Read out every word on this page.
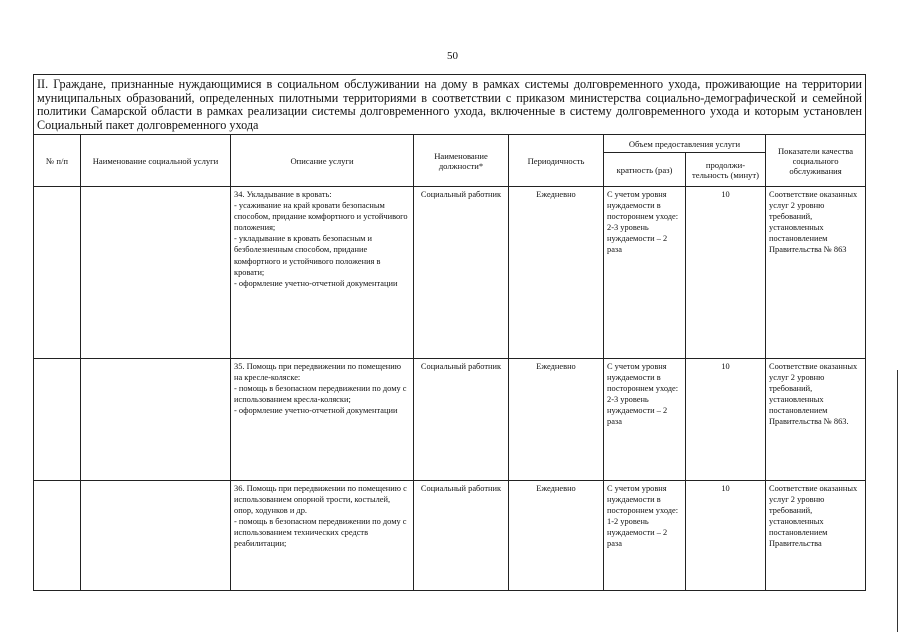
50
II. Граждане, признанные нуждающимися в социальном обслуживании на дому в рамках системы долговременного ухода, проживающие на территории муниципальных образований, определенных пилотными территориями в соответствии с приказом министерства социально-демографической и семейной политики Самарской области в рамках реализации системы долговременного ухода, включенные в систему долговременного ухода и которым установлен Социальный пакет долговременного ухода							
№ п/п	Наименование социальной услуги	Описание услуги	Наименование должности*	Периодичность	Объем предоставления услуги		Показатели качества социального обслуживания
					кратность (раз)	продолжи-тельность (минут)	

		34. Укладывание в кровать:
- усаживание на край кровати безопасным способом, придание комфортного и устойчивого положения;
- укладывание в кровать безопасным и безболезненным способом, придание комфортного и устойчивого положения в кровати;
- оформление учетно-отчетной документации	Социальный работник	Ежедневно	С учетом уровня нуждаемости в постороннем уходе:
2-3 уровень нуждаемости – 2 раза	10	Соответствие оказанных услуг 2 уровню требований, установленных постановлением Правительства № 863

		35. Помощь при передвижении по помещению на кресле-коляске:
- помощь в безопасном передвижении по дому с использованием кресла-коляски;
- оформление учетно-отчетной документации	Социальный работник	Ежедневно	С учетом уровня нуждаемости в постороннем уходе:
2-3 уровень нуждаемости – 2 раза	10	Соответствие оказанных услуг 2 уровню требований, установленных постановлением Правительства № 863.

		36. Помощь при передвижении по помещению с использованием опорной трости, костылей, опор, ходунков и др.
- помощь в безопасном передвижении по дому с использованием технических средств реабилитации;	Социальный работник	Ежедневно	С учетом уровня нуждаемости в постороннем уходе:
1-2 уровень нуждаемости – 2 раза	10	Соответствие оказанных услуг 2 уровню требований, установленных постановлением Правительства
